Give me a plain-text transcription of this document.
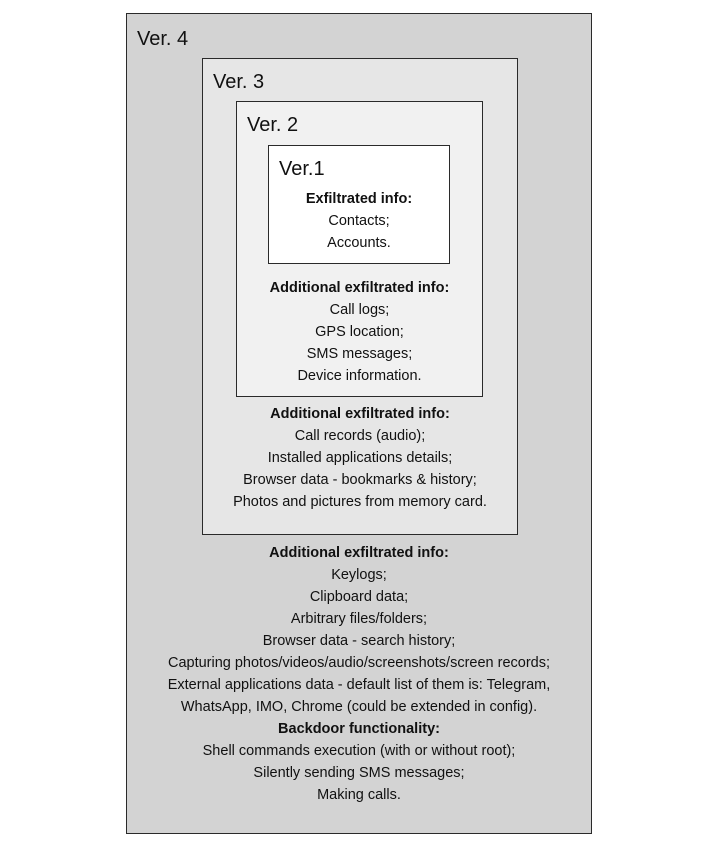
Ver. 4
Additional exfiltrated info:
Keylogs;
Clipboard data;
Arbitrary files/folders;
Browser data - search history;
Capturing photos/videos/audio/screenshots/screen records;
External applications data - default list of them is: Telegram,
WhatsApp, IMO, Chrome (could be extended in config).
Backdoor functionality:
Shell commands execution (with or without root);
Silently sending SMS messages;
Making calls.
Ver. 3
Additional exfiltrated info:
Call records (audio);
Installed applications details;
Browser data - bookmarks & history;
Photos and pictures from memory card.
Ver. 2
Additional exfiltrated info:
Call logs;
GPS location;
SMS messages;
Device information.
Ver.1
Exfiltrated info:
Contacts;
Accounts.
